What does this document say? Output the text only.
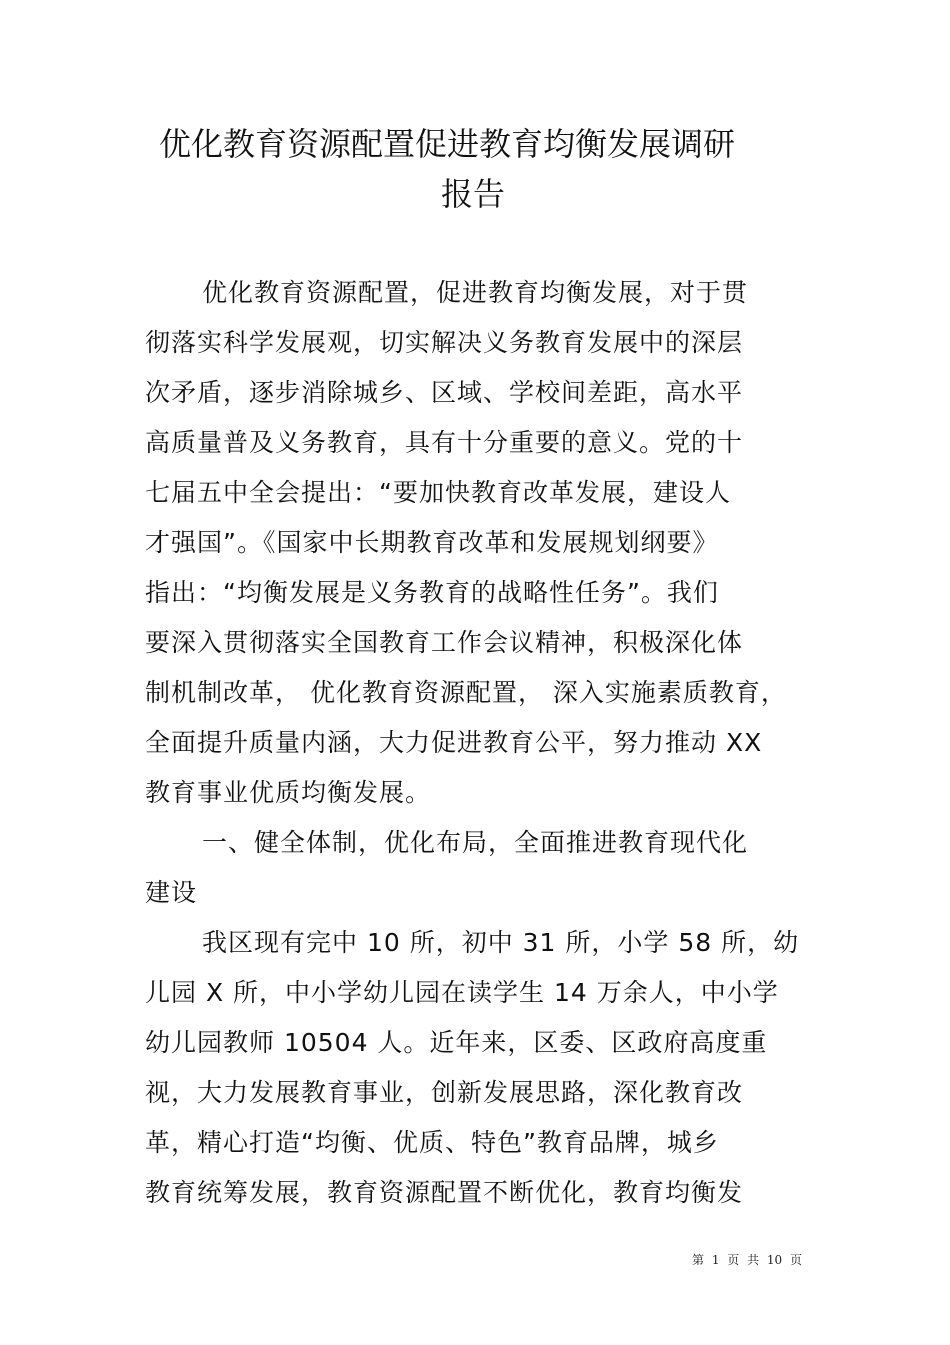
优化教育资源配置促进教育均衡发展调研
报告
优化教育资源配置，促进教育均衡发展，对于贯
彻落实科学发展观，切实解决义务教育发展中的深层
次矛盾，逐步消除城乡、区域、学校间差距，高水平
高质量普及义务教育，具有十分重要的意义。党的十
七届五中全会提出：“要加快教育改革发展，建设人
才强国”。《国家中长期教育改革和发展规划纲要》
指出：“均衡发展是义务教育的战略性任务”。我们
要深入贯彻落实全国教育工作会议精神，积极深化体
制机制改革， 优化教育资源配置， 深入实施素质教育，
全面提升质量内涵，大力促进教育公平，努力推动 XX
教育事业优质均衡发展。
一、健全体制，优化布局，全面推进教育现代化
建设
我区现有完中 10 所，初中 31 所，小学 58 所，幼
儿园 X 所，中小学幼儿园在读学生 14 万余人，中小学
幼儿园教师 10504 人。近年来，区委、区政府高度重
视，大力发展教育事业，创新发展思路，深化教育改
革，精心打造“均衡、优质、特色”教育品牌，城乡
教育统筹发展，教育资源配置不断优化，教育均衡发
第 1 页 共 10 页
